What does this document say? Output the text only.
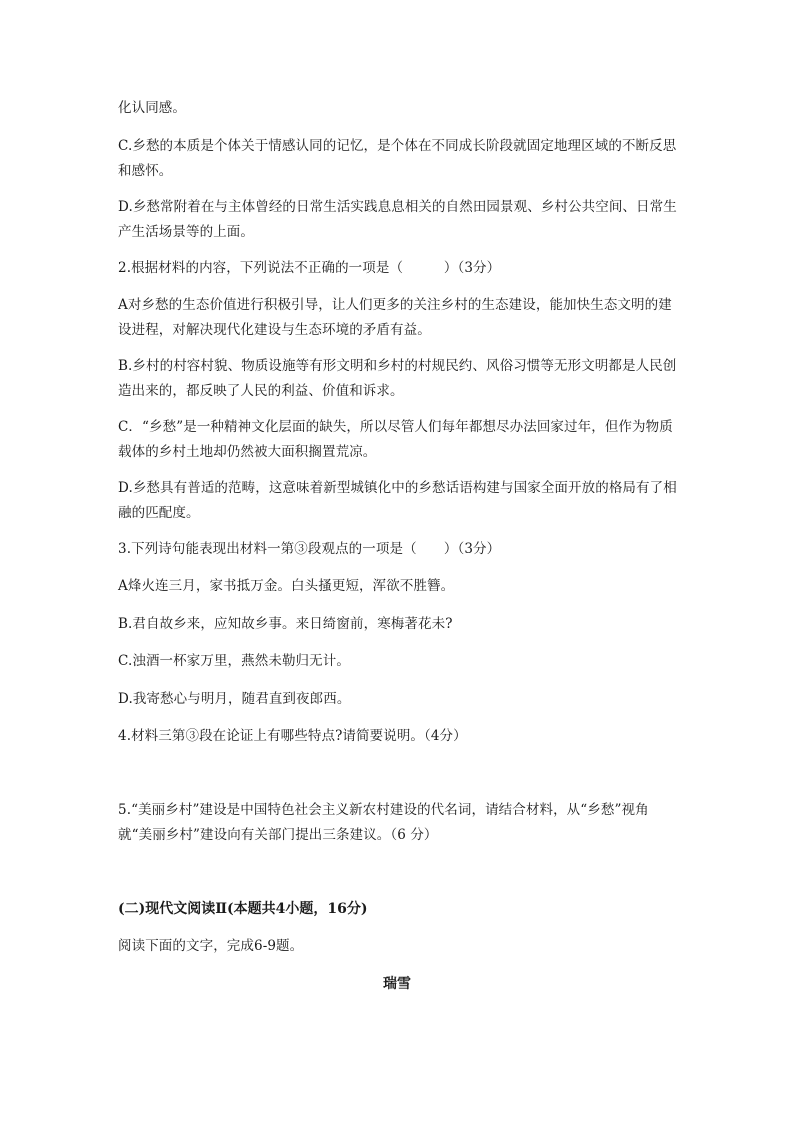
化认同感。

C.乡愁的本质是个体关于情感认同的记忆，是个体在不同成长阶段就固定地理区域的不断反思和感怀。

D.乡愁常附着在与主体曾经的日常生活实践息息相关的自然田园景观、乡村公共空间、日常生产生活场景等的上面。

2.根据材料的内容，下列说法不正确的一项是（　　　）（3分）

A对乡愁的生态价值进行积极引导，让人们更多的关注乡村的生态建设，能加快生态文明的建设进程，对解决现代化建设与生态环境的矛盾有益。

B.乡村的村容村貌、物质设施等有形文明和乡村的村规民约、风俗习惯等无形文明都是人民创造出来的，都反映了人民的利益、价值和诉求。

C．“乡愁”是一种精神文化层面的缺失，所以尽管人们每年都想尽办法回家过年，但作为物质载体的乡村土地却仍然被大面积搁置荒凉。

D.乡愁具有普适的范畴，这意味着新型城镇化中的乡愁话语构建与国家全面开放的格局有了相融的匹配度。

3.下列诗句能表现出材料一第③段观点的一项是（　　）（3分）

A烽火连三月，家书抵万金。白头搔更短，浑欲不胜簪。

B.君自故乡来，应知故乡事。来日绮窗前，寒梅著花未?

C.浊酒一杯家万里，燕然未勒归无计。

D.我寄愁心与明月，随君直到夜郎西。

4.材料三第③段在论证上有哪些特点?请简要说明。（4分）

5.“美丽乡村”建设是中国特色社会主义新农村建设的代名词，请结合材料，从“乡愁”视角就“美丽乡村”建设向有关部门提出三条建议。（6 分）

(二)现代文阅读Ⅱ(本题共4小题，16分)

阅读下面的文字，完成6-9题。

瑞雪
